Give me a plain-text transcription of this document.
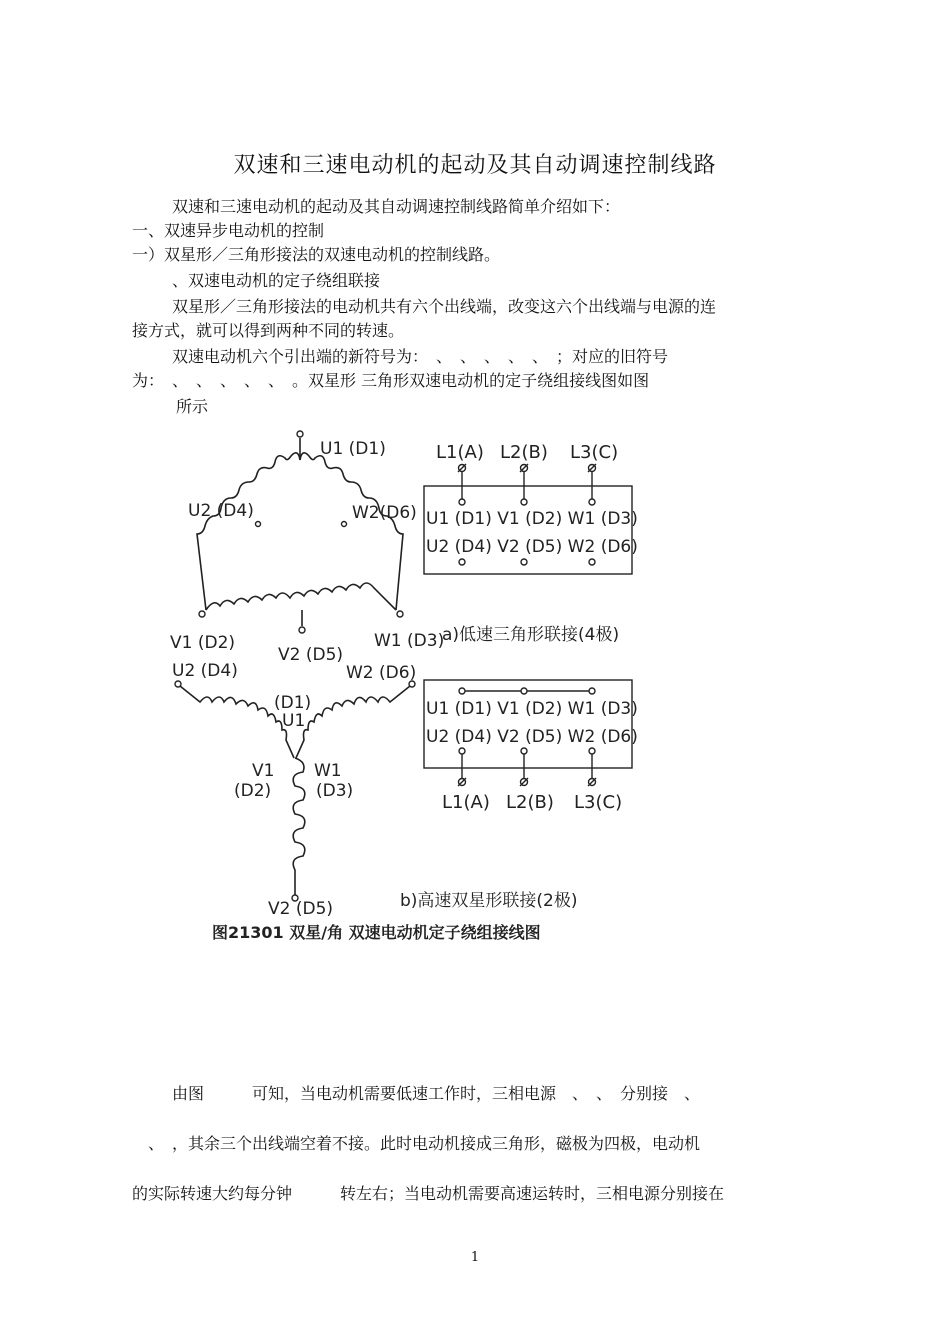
双速和三速电动机的起动及其自动调速控制线路
双速和三速电动机的起动及其自动调速控制线路简单介绍如下：
一、双速异步电动机的控制
一）双星形／三角形接法的双速电动机的控制线路。
、双速电动机的定子绕组联接
双星形／三角形接法的电动机共有六个出线端，改变这六个出线端与电源的连
接方式，就可以得到两种不同的转速。
双速电动机六个引出端的新符号为：　、　、　、　、　、　；对应的旧符号
为：　、　、　、　、　、　。双星形 三角形双速电动机的定子绕组接线图如图
所示
U1 (D1)
U2 (D4)	W2(D6)
V1 (D2)
V2 (D5)
W1 (D3)
L1(A) L2(B) L3(C)
U1 (D1) V1 (D2) W1 (D3)
U2 (D4) V2 (D5) W2 (D6)
a)低速三角形联接(4极)
U2 (D4)	W2 (D6)
(D1)
U1
V1
(D2)
W1
(D3)
V2 (D5)
U1 (D1) V1 (D2) W1 (D3)
U2 (D4) V2 (D5) W2 (D6)
L1(A) L2(B) L3(C)
b)高速双星形联接(2极)
图21301 双星/角 双速电动机定子绕组接线图
由图　　　可知，当电动机需要低速工作时，三相电源　、　、　分别接　、
、　，其余三个出线端空着不接。此时电动机接成三角形，磁极为四极，电动机
的实际转速大约每分钟　　　转左右；当电动机需要高速运转时，三相电源分别接在
1
